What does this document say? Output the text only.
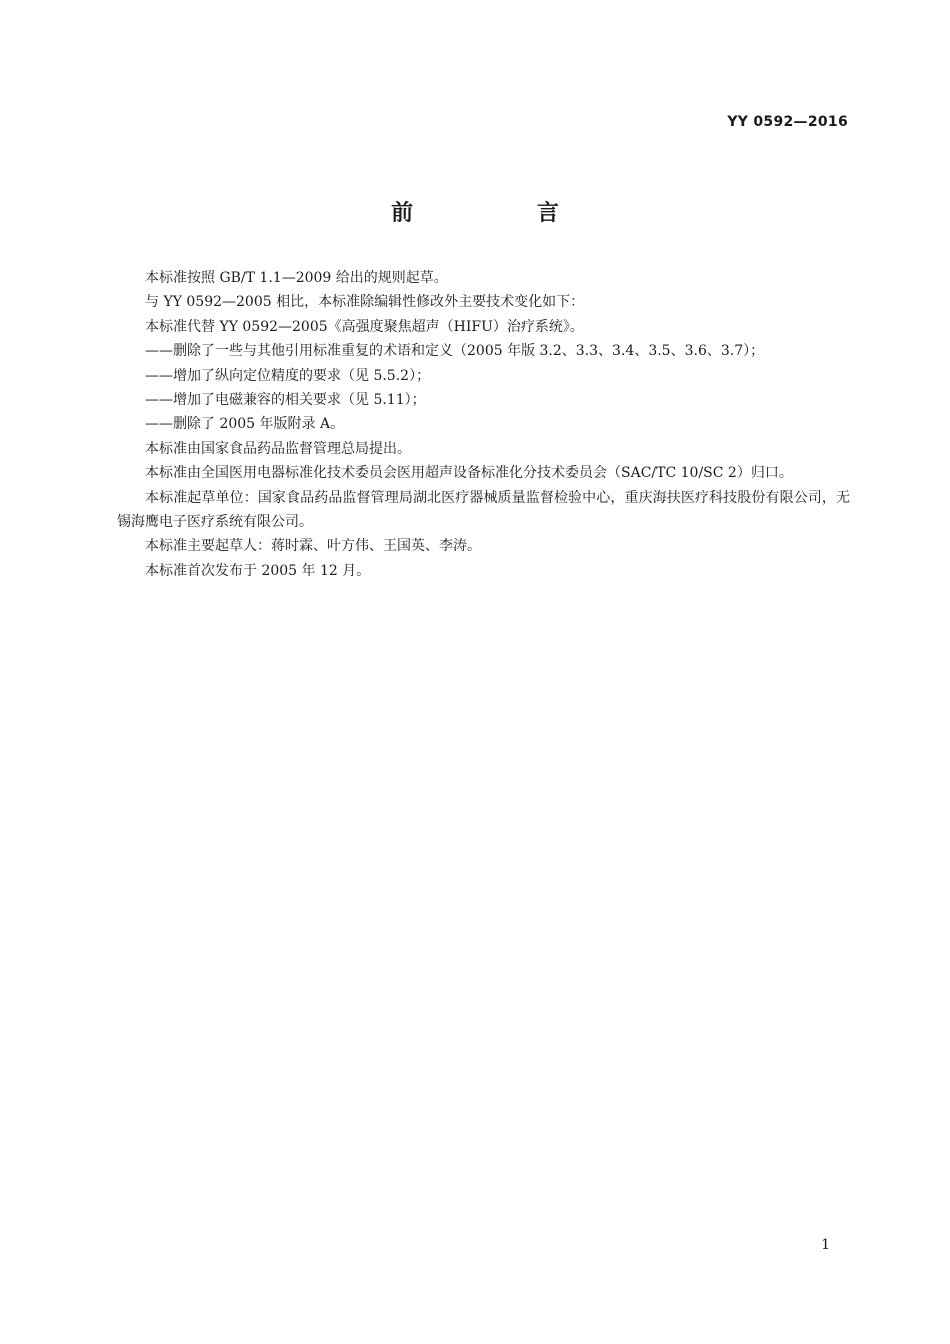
YY 0592—2016
前 言

本标准按照 GB/T 1.1—2009 给出的规则起草。

与 YY 0592—2005 相比，本标准除编辑性修改外主要技术变化如下：

本标准代替 YY 0592—2005《高强度聚焦超声（HIFU）治疗系统》。

——删除了一些与其他引用标准重复的术语和定义（2005 年版 3.2、3.3、3.4、3.5、3.6、3.7）；

——增加了纵向定位精度的要求（见 5.5.2）；

——增加了电磁兼容的相关要求（见 5.11）；

——删除了 2005 年版附录 A。

本标准由国家食品药品监督管理总局提出。

本标准由全国医用电器标准化技术委员会医用超声设备标准化分技术委员会（SAC/TC 10/SC 2）归口。

本标准起草单位：国家食品药品监督管理局湖北医疗器械质量监督检验中心，重庆海扶医疗科技股份有限公司，无锡海鹰电子医疗系统有限公司。

本标准主要起草人：蒋时霖、叶方伟、王国英、李涛。

本标准首次发布于 2005 年 12 月。

1
